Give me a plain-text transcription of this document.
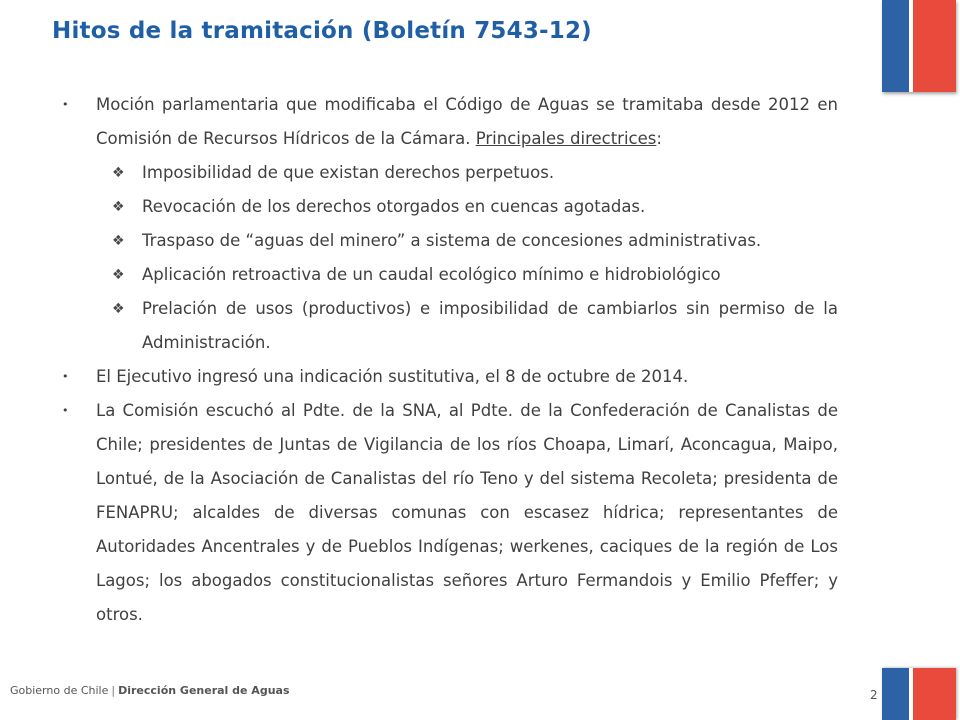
Hitos de la tramitación (Boletín 7543-12)
• Moción parlamentaria que modificaba el Código de Aguas se tramitaba desde 2012 en Comisión de Recursos Hídricos de la Cámara. Principales directrices:
❖ Imposibilidad de que existan derechos perpetuos.
❖ Revocación de los derechos otorgados en cuencas agotadas.
❖ Traspaso de “aguas del minero” a sistema de concesiones administrativas.
❖ Aplicación retroactiva de un caudal ecológico mínimo e hidrobiológico
❖ Prelación de usos (productivos) e imposibilidad de cambiarlos sin permiso de la Administración.
• El Ejecutivo ingresó una indicación sustitutiva, el 8 de octubre de 2014.
• La Comisión escuchó al Pdte. de la SNA, al Pdte. de la Confederación de Canalistas de Chile; presidentes de Juntas de Vigilancia de los ríos Choapa, Limarí, Aconcagua, Maipo, Lontué, de la Asociación de Canalistas del río Teno y del sistema Recoleta; presidenta de FENAPRU; alcaldes de diversas comunas con escasez hídrica; representantes de Autoridades Ancentrales y de Pueblos Indígenas; werkenes, caciques de la región de Los Lagos; los abogados constitucionalistas señores Arturo Fermandois y Emilio Pfeffer; y otros.
Gobierno de Chile | Dirección General de Aguas	2
